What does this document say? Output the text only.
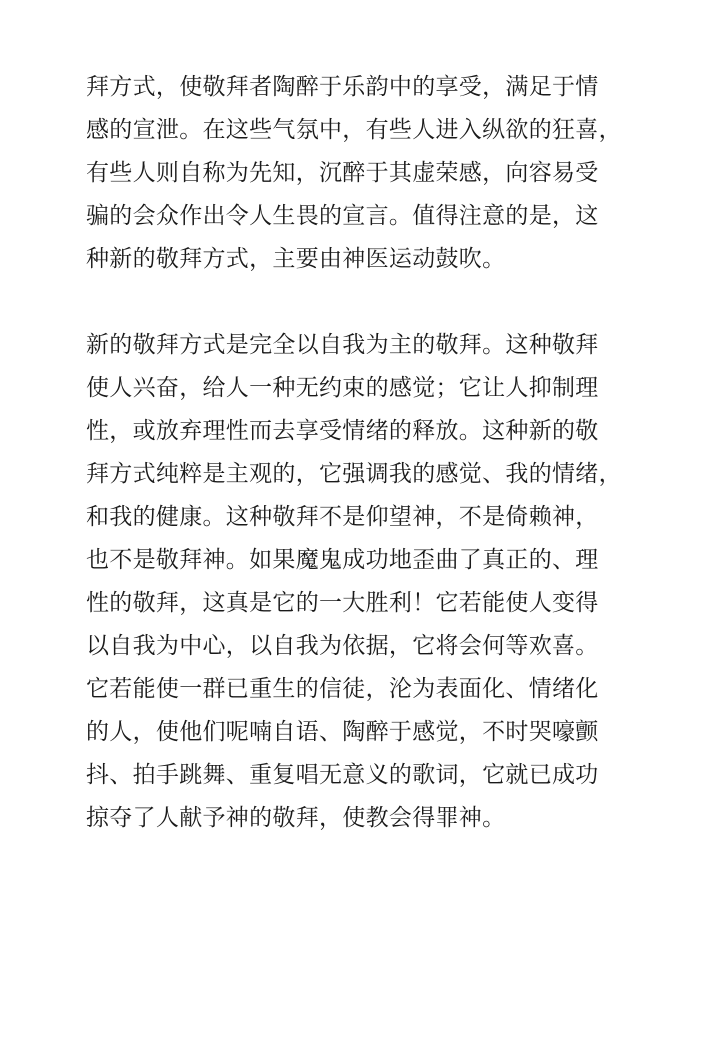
拜方式，使敬拜者陶醉于乐韵中的享受，满足于情
感的宣泄。在这些气氛中，有些人进入纵欲的狂喜，
有些人则自称为先知，沉醉于其虚荣感，向容易受
骗的会众作出令人生畏的宣言。值得注意的是，这
种新的敬拜方式，主要由神医运动鼓吹。
新的敬拜方式是完全以自我为主的敬拜。这种敬拜
使人兴奋，给人一种无约束的感觉；它让人抑制理
性，或放弃理性而去享受情绪的释放。这种新的敬
拜方式纯粹是主观的，它强调我的感觉、我的情绪，
和我的健康。这种敬拜不是仰望神，不是倚赖神，
也不是敬拜神。如果魔鬼成功地歪曲了真正的、理
性的敬拜，这真是它的一大胜利！它若能使人变得
以自我为中心，以自我为依据，它将会何等欢喜。
它若能使一群已重生的信徒，沦为表面化、情绪化
的人，使他们呢喃自语、陶醉于感觉，不时哭嚎颤
抖、拍手跳舞、重复唱无意义的歌词，它就已成功
掠夺了人献予神的敬拜，使教会得罪神。
